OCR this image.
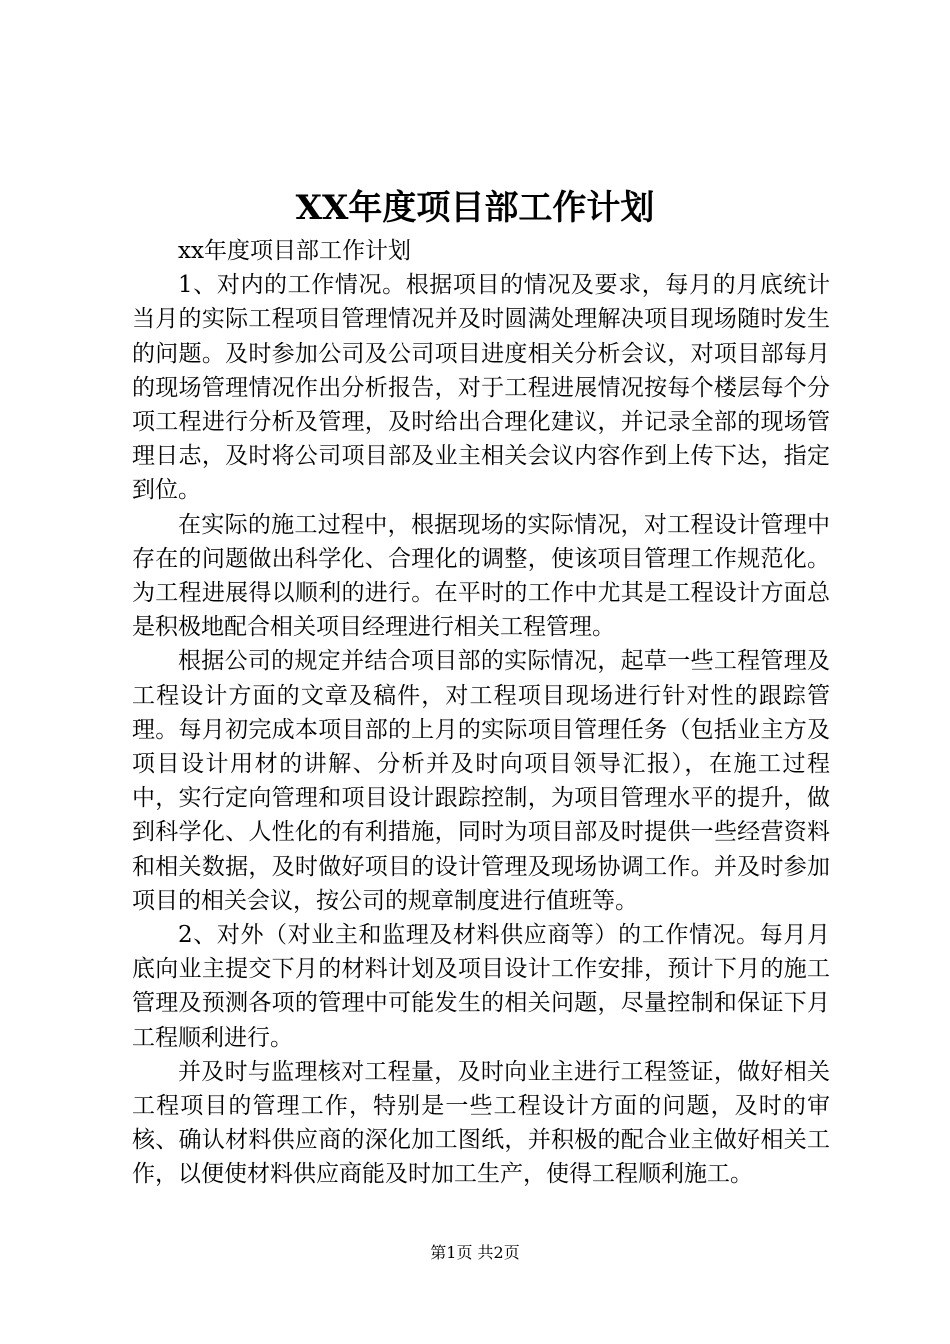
XX年度项目部工作计划

xx年度项目部工作计划

1、对内的工作情况。根据项目的情况及要求，每月的月底统计当月的实际工程项目管理情况并及时圆满处理解决项目现场随时发生的问题。及时参加公司及公司项目进度相关分析会议，对项目部每月的现场管理情况作出分析报告，对于工程进展情况按每个楼层每个分项工程进行分析及管理，及时给出合理化建议，并记录全部的现场管理日志，及时将公司项目部及业主相关会议内容作到上传下达，指定到位。

在实际的施工过程中，根据现场的实际情况，对工程设计管理中存在的问题做出科学化、合理化的调整，使该项目管理工作规范化。为工程进展得以顺利的进行。在平时的工作中尤其是工程设计方面总是积极地配合相关项目经理进行相关工程管理。

根据公司的规定并结合项目部的实际情况，起草一些工程管理及工程设计方面的文章及稿件，对工程项目现场进行针对性的跟踪管理。每月初完成本项目部的上月的实际项目管理任务（包括业主方及项目设计用材的讲解、分析并及时向项目领导汇报），在施工过程中，实行定向管理和项目设计跟踪控制，为项目管理水平的提升，做到科学化、人性化的有利措施，同时为项目部及时提供一些经营资料和相关数据，及时做好项目的设计管理及现场协调工作。并及时参加项目的相关会议，按公司的规章制度进行值班等。

2、对外（对业主和监理及材料供应商等）的工作情况。每月月底向业主提交下月的材料计划及项目设计工作安排，预计下月的施工管理及预测各项的管理中可能发生的相关问题，尽量控制和保证下月工程顺利进行。

并及时与监理核对工程量，及时向业主进行工程签证，做好相关工程项目的管理工作，特别是一些工程设计方面的问题，及时的审核、确认材料供应商的深化加工图纸，并积极的配合业主做好相关工作，以便使材料供应商能及时加工生产，使得工程顺利施工。

第1页 共2页
